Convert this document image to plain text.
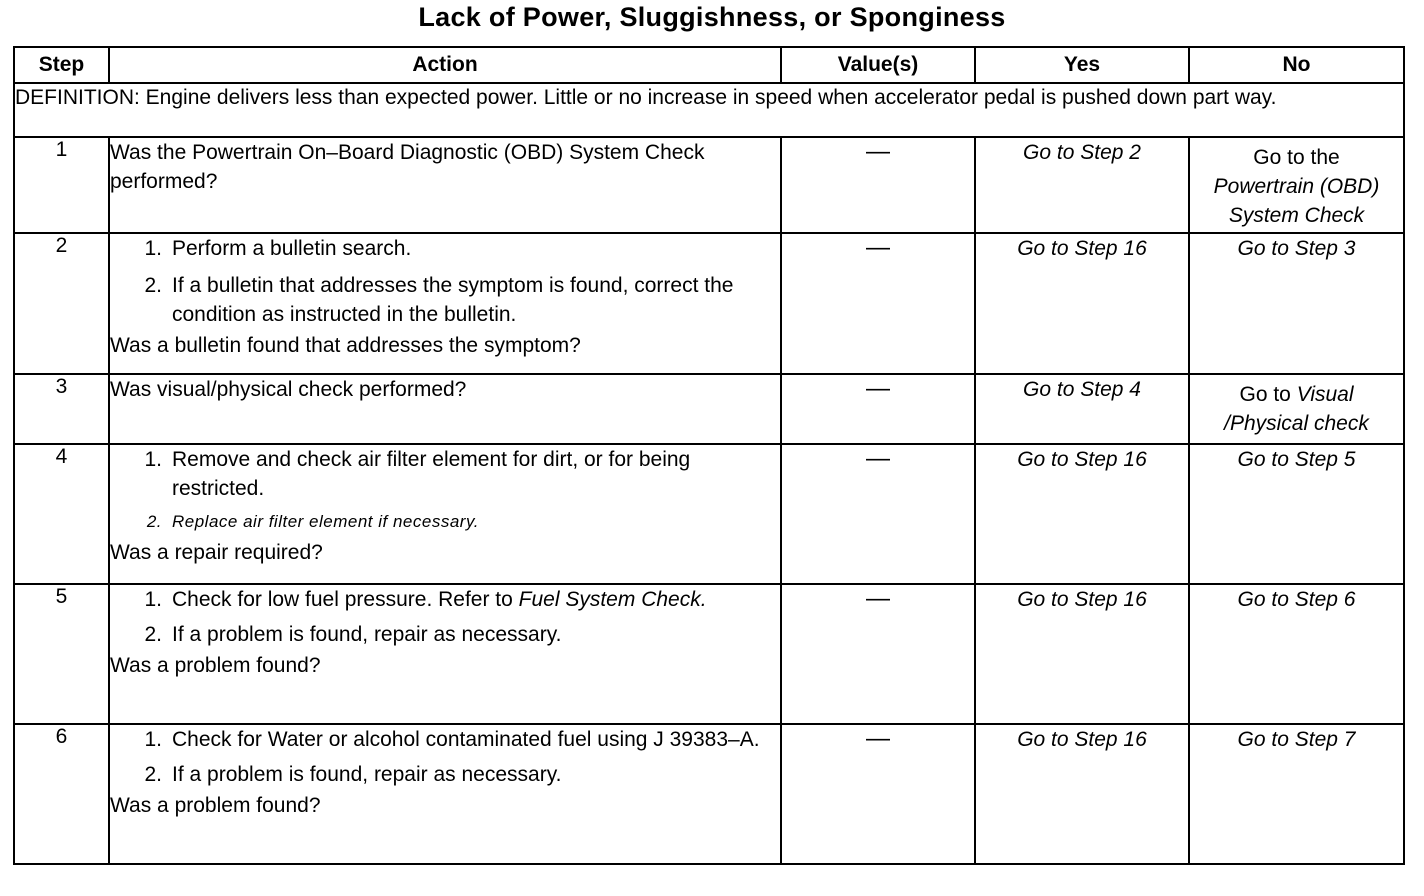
Lack of Power, Sluggishness, or Sponginess
Step	Action	Value(s)	Yes	No
DEFINITION: Engine delivers less than expected power. Little or no increase in speed when accelerator pedal is pushed down part way.				
1	Was the Powertrain On–Board Diagnostic (OBD) System Check performed?	—	Go to Step 2	Go to the
Powertrain (OBD)
System Check

2	1. Perform a bulletin search.
2. If a bulletin that addresses the symptom is found, correct the condition as instructed in the bulletin.
Was a bulletin found that addresses the symptom?	—	Go to Step 16	Go to Step 3
3	Was visual/physical check performed?	—	Go to Step 4	Go to Visual
/Physical check

4	1. Remove and check air filter element for dirt, or for being restricted.
2. Replace air filter element if necessary.
Was a repair required?	—	Go to Step 16	Go to Step 5
5	1. Check for low fuel pressure. Refer to Fuel System Check.
2. If a problem is found, repair as necessary.
Was a problem found?	—	Go to Step 16	Go to Step 6
6	1. Check for Water or alcohol contaminated fuel using J 39383–A.
2. If a problem is found, repair as necessary.
Was a problem found?	—	Go to Step 16	Go to Step 7
